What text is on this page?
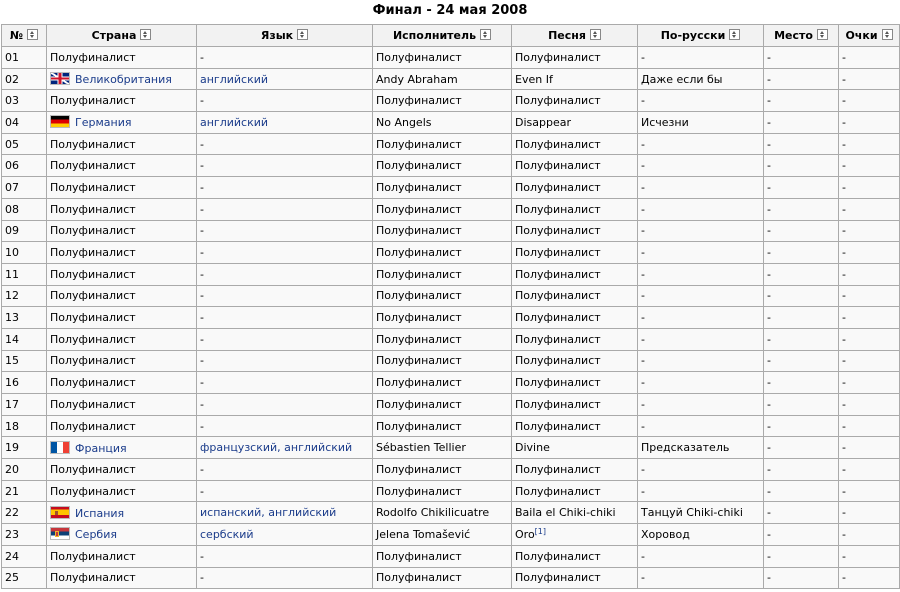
Финал - 24 мая 2008
№	Страна	Язык	Исполнитель	Песня	По-русски	Место	Очки
01	Полуфиналист	-	Полуфиналист	Полуфиналист	-	-	-
02	Великобритания	английский	Andy Abraham	Even If	Даже если бы	-	-
03	Полуфиналист	-	Полуфиналист	Полуфиналист	-	-	-
04	Германия	английский	No Angels	Disappear	Исчезни	-	-
05	Полуфиналист	-	Полуфиналист	Полуфиналист	-	-	-
06	Полуфиналист	-	Полуфиналист	Полуфиналист	-	-	-
07	Полуфиналист	-	Полуфиналист	Полуфиналист	-	-	-
08	Полуфиналист	-	Полуфиналист	Полуфиналист	-	-	-
09	Полуфиналист	-	Полуфиналист	Полуфиналист	-	-	-
10	Полуфиналист	-	Полуфиналист	Полуфиналист	-	-	-
11	Полуфиналист	-	Полуфиналист	Полуфиналист	-	-	-
12	Полуфиналист	-	Полуфиналист	Полуфиналист	-	-	-
13	Полуфиналист	-	Полуфиналист	Полуфиналист	-	-	-
14	Полуфиналист	-	Полуфиналист	Полуфиналист	-	-	-
15	Полуфиналист	-	Полуфиналист	Полуфиналист	-	-	-
16	Полуфиналист	-	Полуфиналист	Полуфиналист	-	-	-
17	Полуфиналист	-	Полуфиналист	Полуфиналист	-	-	-
18	Полуфиналист	-	Полуфиналист	Полуфиналист	-	-	-
19	Франция	французский, английский	Sébastien Tellier	Divine	Предсказатель	-	-
20	Полуфиналист	-	Полуфиналист	Полуфиналист	-	-	-
21	Полуфиналист	-	Полуфиналист	Полуфиналист	-	-	-
22	Испания	испанский, английский	Rodolfo Chikilicuatre	Baila el Chiki-chiki	Танцуй Chiki-chiki	-	-
23	Сербия	сербский	Jelena Tomašević	Oro[1]	Хоровод	-	-
24	Полуфиналист	-	Полуфиналист	Полуфиналист	-	-	-
25	Полуфиналист	-	Полуфиналист	Полуфиналист	-	-	-
